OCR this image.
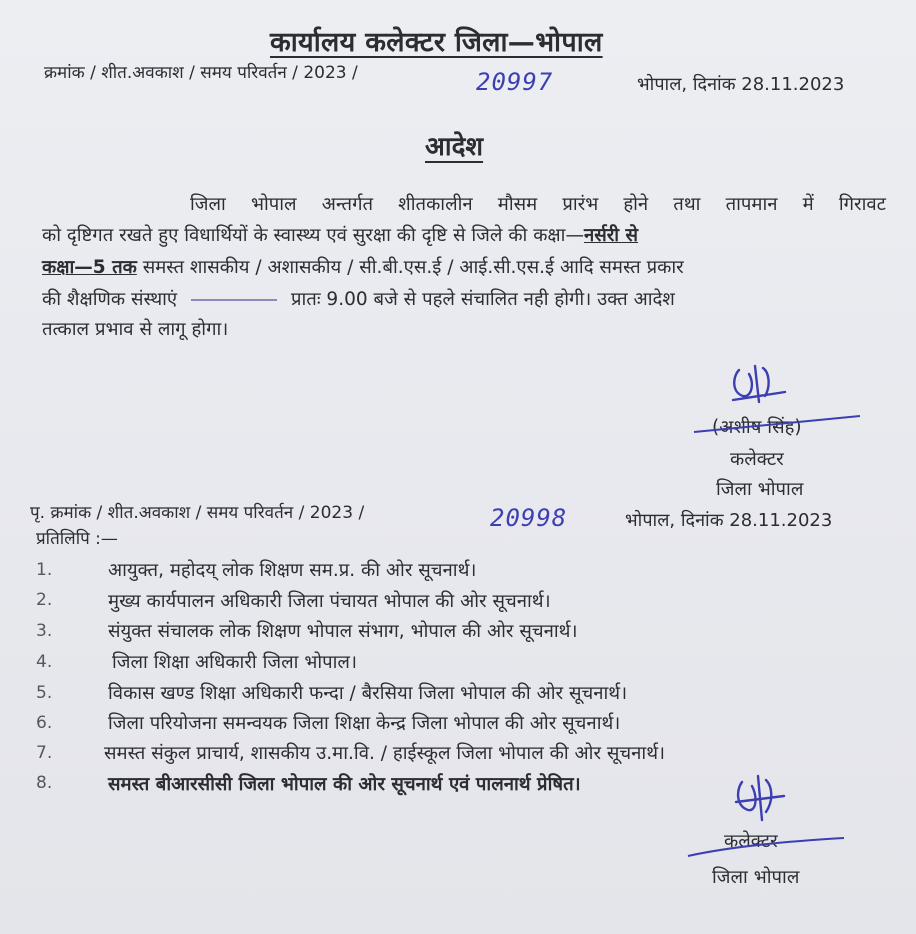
कार्यालय कलेक्टर जिला—भोपाल
क्रमांक / शीत.अवकाश / समय परिवर्तन / 2023 /	20997	भोपाल, दिनांक 28.11.2023
आदेश
जिला भोपाल अन्तर्गत शीतकालीन मौसम प्रारंभ होने तथा तापमान में गिरावट
को दृष्टिगत रखते हुए विधार्थियों के स्वास्थ्य एवं सुरक्षा की दृष्टि से जिले की कक्षा—नर्सरी से
कक्षा—5 तक समस्त शासकीय / अशासकीय / सी.बी.एस.ई / आई.सी.एस.ई आदि समस्त प्रकार
की शैक्षणिक संस्थाएं	प्रातः 9.00 बजे से पहले संचालित नही होगी। उक्त आदेश
तत्काल प्रभाव से लागू होगा।
(अशीष सिंह)
कलेक्टर
जिला भोपाल
पृ. क्रमांक / शीत.अवकाश / समय परिवर्तन / 2023 /	20998	भोपाल, दिनांक 28.11.2023
प्रतिलिपि :—
1.	आयुक्त, महोदय् लोक शिक्षण सम.प्र. की ओर सूचनार्थ।
2.	मुख्य कार्यपालन अधिकारी जिला पंचायत भोपाल की ओर सूचनार्थ।
3.	संयुक्त संचालक लोक शिक्षण भोपाल संभाग, भोपाल की ओर सूचनार्थ।
4.	जिला शिक्षा अधिकारी जिला भोपाल।
5.	विकास खण्ड शिक्षा अधिकारी फन्दा / बैरसिया जिला भोपाल की ओर सूचनार्थ।
6.	जिला परियोजना समन्वयक जिला शिक्षा केन्द्र जिला भोपाल की ओर सूचनार्थ।
7.	समस्त संकुल प्राचार्य, शासकीय उ.मा.वि. / हाईस्कूल जिला भोपाल की ओर सूचनार्थ।
8.	समस्त बीआरसीसी जिला भोपाल की ओर सूचनार्थ एवं पालनार्थ प्रेषित।
कलेक्टर
जिला भोपाल
